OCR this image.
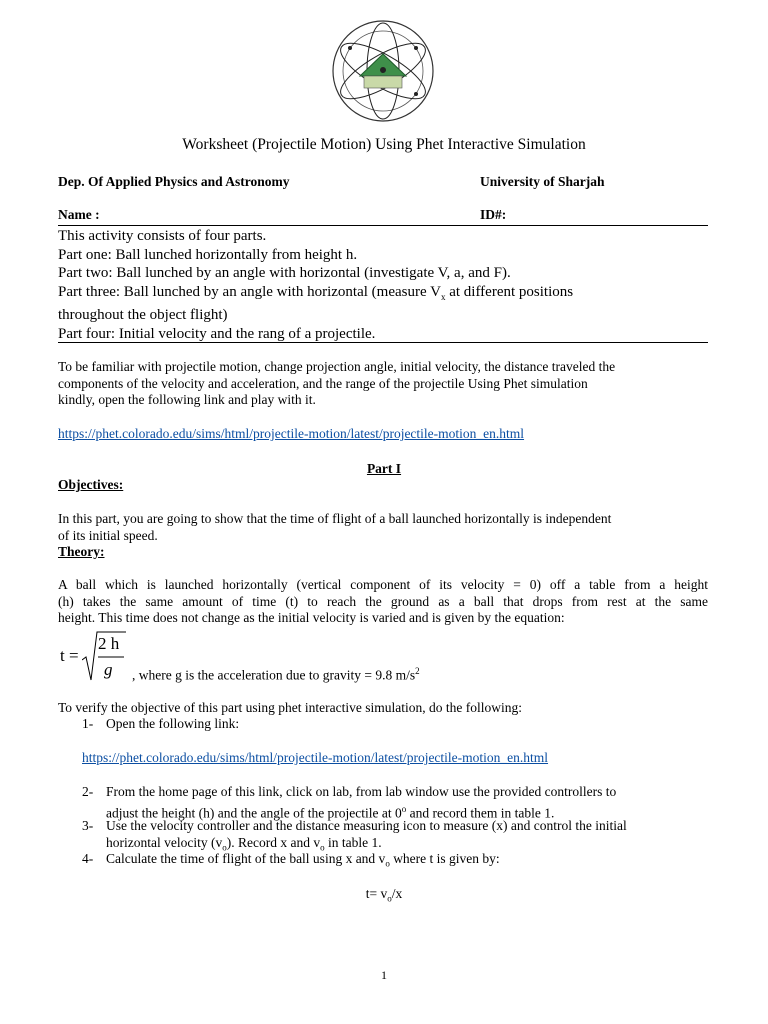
Worksheet (Projectile Motion) Using Phet Interactive Simulation
Dep. Of Applied Physics and Astronomy	University of Sharjah
Name :	ID#:
This activity consists of four parts.
Part one: Ball lunched horizontally from height h.
Part two: Ball lunched by an angle with horizontal (investigate V, a, and F).
Part three: Ball lunched by an angle with horizontal (measure $V_x$ at different positions
throughout the object flight)
Part four: Initial velocity and the rang of a projectile.
To be familiar with projectile motion, change projection angle, initial velocity, the distance traveled the
components of the velocity and acceleration, and the range of the projectile Using Phet simulation
kindly, open the following link and play with it.
https://phet.colorado.edu/sims/html/projectile-motion/latest/projectile-motion_en.html
Part I
Objectives:
In this part, you are going to show that the time of flight of a ball launched horizontally is independent
of its initial speed.
Theory:
A ball which is launched horizontally (vertical component of its velocity = 0) off a table from a height
(h) takes the same amount of time (t) to reach the ground as a ball that drops from rest at the same
height. This time does not change as the initial velocity is varied and is given by the equation:
t =
2 h
g , where g is the acceleration due to gravity = 9.8 $m/s^2$
To verify the objective of this part using phet interactive simulation, do the following:
1- Open the following link:
https://phet.colorado.edu/sims/html/projectile-motion/latest/projectile-motion_en.html
2- From the home page of this link, click on lab, from lab window use the provided controllers to
adjust the height (h) and the angle of the projectile at 0$^o$ and record them in table 1.
3- Use the velocity controller and the distance measuring icon to measure (x) and control the initial
horizontal velocity $(v_o)$. Record x and $v_o$ in table 1.
4- Calculate the time of flight of the ball using x and $v_o$ where t is given by:
$t= v_o/x$
1
